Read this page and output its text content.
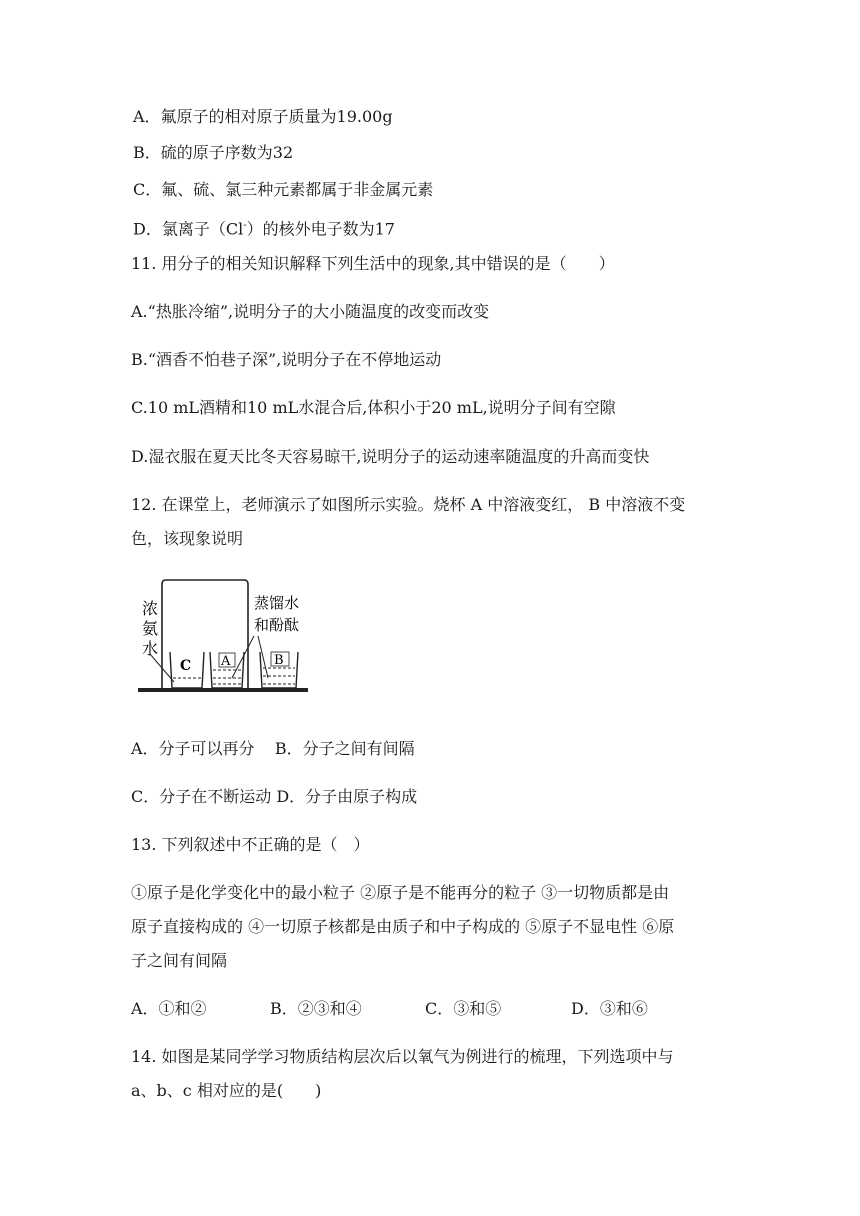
A．氟原子的相对原子质量为19.00g
B．硫的原子序数为32
C．氟、硫、氯三种元素都属于非金属元素
D．氯离子（Cl-）的核外电子数为17
11. 用分子的相关知识解释下列生活中的现象,其中错误的是（　　）
A.“热胀冷缩”,说明分子的大小随温度的改变而改变
B.“酒香不怕巷子深”,说明分子在不停地运动
C.10 mL酒精和10 mL水混合后,体积小于20 mL,说明分子间有空隙
D.湿衣服在夏天比冬天容易晾干,说明分子的运动速率随温度的升高而变快
12. 在课堂上，老师演示了如图所示实验。烧杯 A 中溶液变红， B 中溶液不变
色，该现象说明
C A	B
浓
氨
水
蒸馏水
和酚酞
A．分子可以再分    B．分子之间有间隔
C．分子在不断运动 D．分子由原子构成
13. 下列叙述中不正确的是（　）
①原子是化学变化中的最小粒子 ②原子是不能再分的粒子 ③一切物质都是由
原子直接构成的 ④一切原子核都是由质子和中子构成的 ⑤原子不显电性 ⑥原
子之间有间隔
A．①和②	B．②③和④	C．③和⑤	D．③和⑥
14. 如图是某同学学习物质结构层次后以氧气为例进行的梳理，下列选项中与
a、b、c 相对应的是(　　)
